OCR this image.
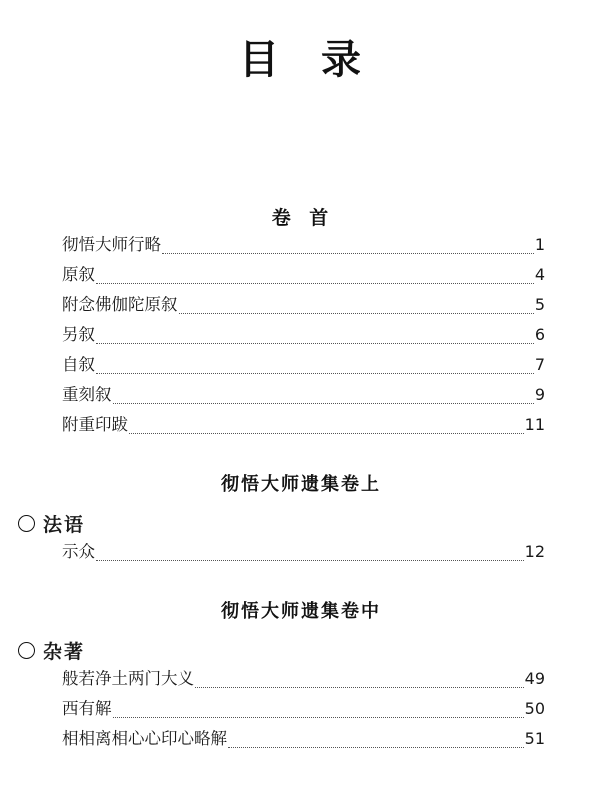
目 录
卷 首
彻悟大师行略	1
原叙	4
附念佛伽陀原叙	5
另叙	6
自叙	7
重刻叙	9
附重印跋	11
彻悟大师遗集卷上
法语
示众	12
彻悟大师遗集卷中
杂著
般若净土两门大义	49
西有解	50
相相离相心心印心略解	51
